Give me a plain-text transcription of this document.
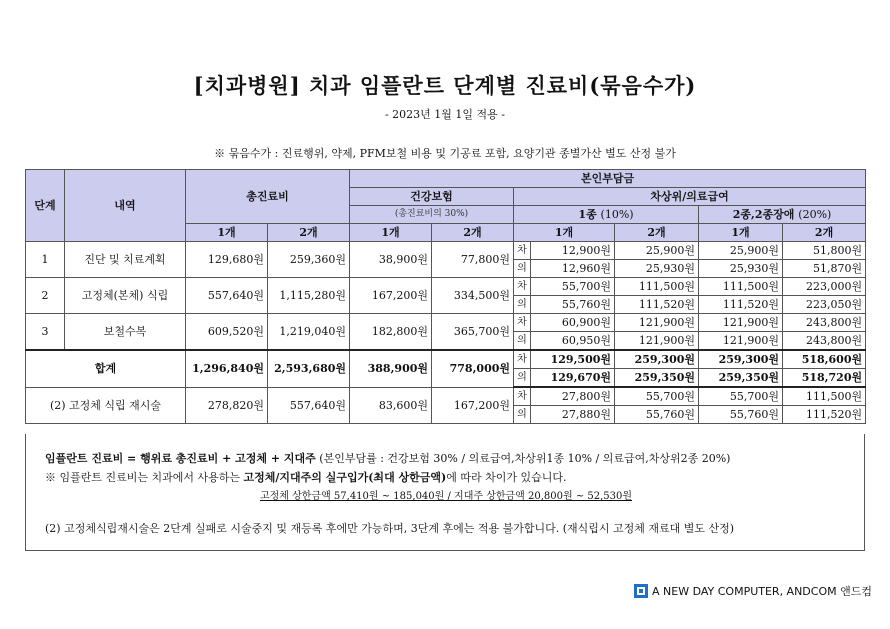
[치과병원] 치과 임플란트 단계별 진료비(묶음수가)
- 2023년 1월 1일 적용 -
※ 묶음수가 : 진료행위, 약제, PFM보철 비용 및 기공료 포함, 요양기관 종별가산 별도 산정 불가
단계	내역	총진료비		본인부담금						
				건강보험		차상위/의료급여				
				(총진료비의 30%)		1종 (10%)			2종,2종장애 (20%)	
		1개	2개	1개	2개	1개		2개	1개	2개
1	진단 및 치료계획	129,680원	259,360원	38,900원	77,800원	차	12,900원	25,900원	25,900원	51,800원
						의	12,960원	25,930원	25,930원	51,870원
2	고정체(본체) 식립	557,640원	1,115,280원	167,200원	334,500원	차	55,700원	111,500원	111,500원	223,000원
						의	55,760원	111,520원	111,520원	223,050원
3	보철수복	609,520원	1,219,040원	182,800원	365,700원	차	60,900원	121,900원	121,900원	243,800원
						의	60,950원	121,900원	121,900원	243,800원
합계		1,296,840원	2,593,680원	388,900원	778,000원	차	129,500원	259,300원	259,300원	518,600원
						의	129,670원	259,350원	259,350원	518,720원
(2) 고정체 식립 재시술		278,820원	557,640원	83,600원	167,200원	차	27,800원	55,700원	55,700원	111,500원
						의	27,880원	55,760원	55,760원	111,520원
임플란트 진료비 = 행위료 총진료비 + 고정체 + 지대주 (본인부담률 : 건강보험 30% / 의료급여,차상위1종 10% / 의료급여,차상위2종 20%)
※ 임플란트 진료비는 치과에서 사용하는 고정체/지대주의 실구입가(최대 상한금액)에 따라 차이가 있습니다.
고정체 상한금액 57,410원 ~ 185,040원 / 지대주 상한금액 20,800원 ~ 52,530원
(2) 고정체식립재시술은 2단계 실패로 시술중지 및 재등록 후에만 가능하며, 3단계 후에는 적용 불가합니다. (재식립시 고정체 재료대 별도 산정)
A NEW DAY COMPUTER, ANDCOM 앤드컴
